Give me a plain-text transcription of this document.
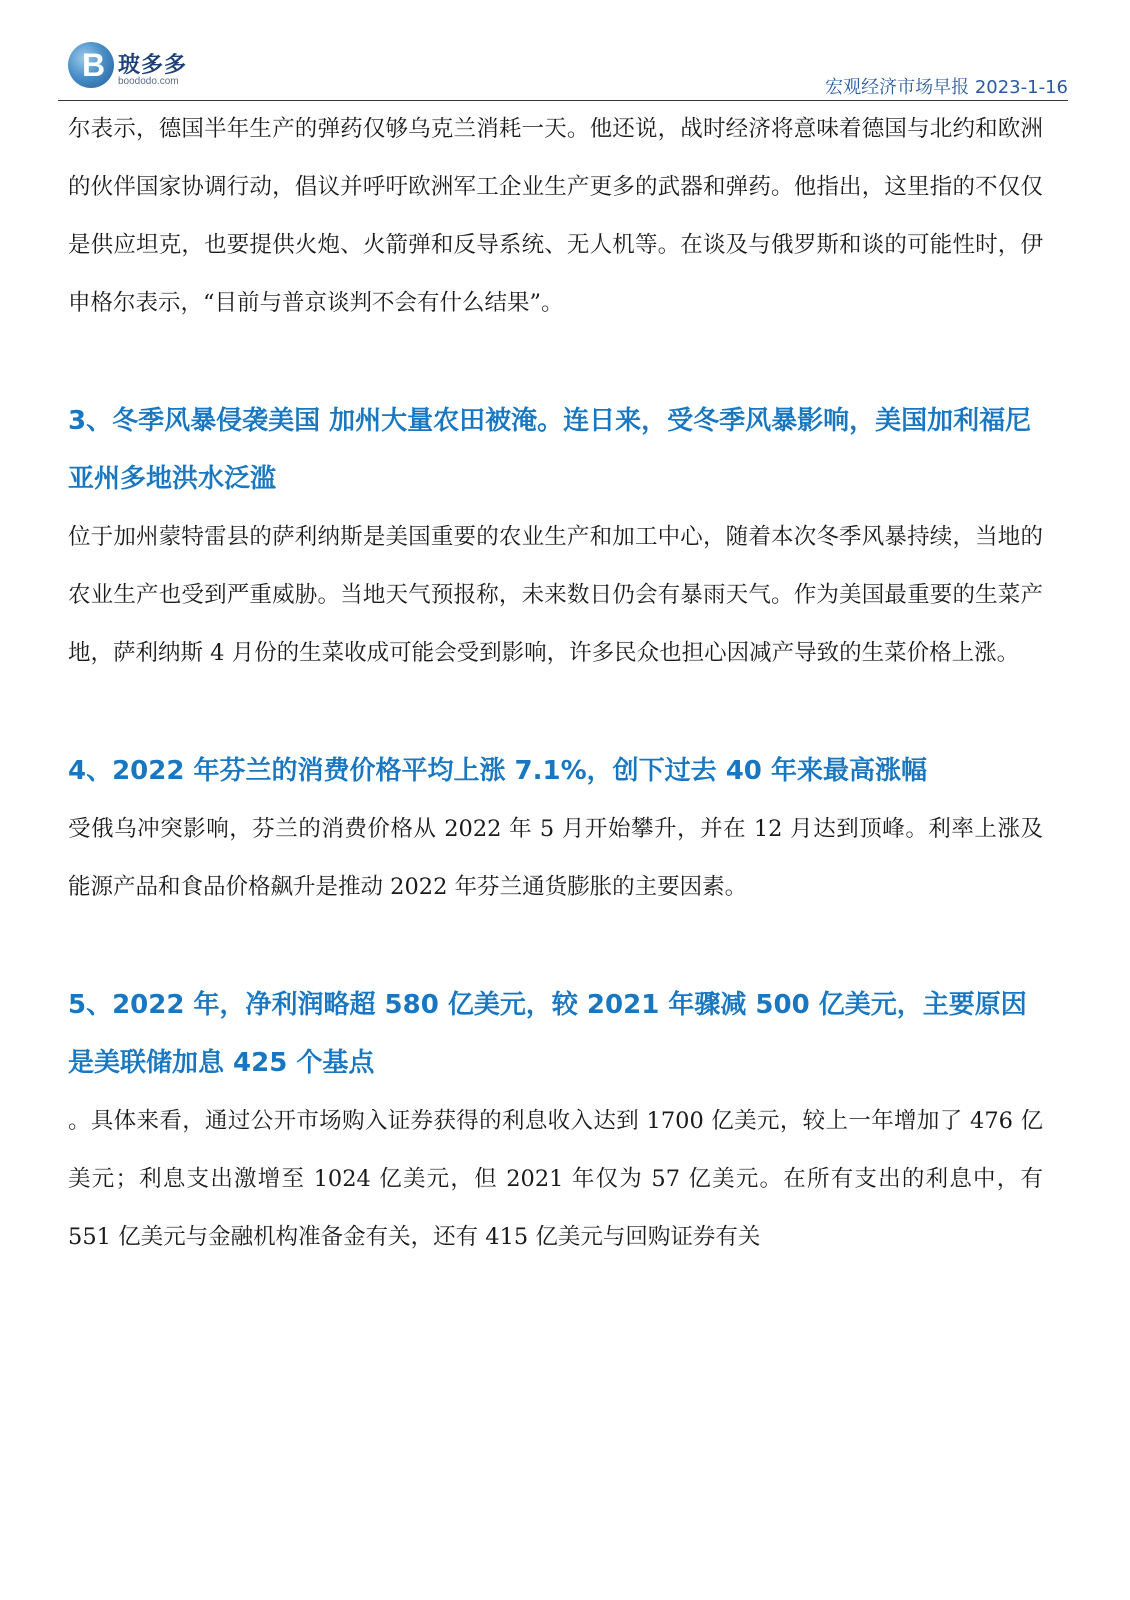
B 玻多多
boododo.com	宏观经济市场早报 2023-1-16

尔表示，德国半年生产的弹药仅够乌克兰消耗一天。他还说，战时经济将意味着德国与北约和欧洲的伙伴国家协调行动，倡议并呼吁欧洲军工企业生产更多的武器和弹药。他指出，这里指的不仅仅是供应坦克，也要提供火炮、火箭弹和反导系统、无人机等。在谈及与俄罗斯和谈的可能性时，伊申格尔表示，“目前与普京谈判不会有什么结果”。

3、冬季风暴侵袭美国 加州大量农田被淹。连日来，受冬季风暴影响，美国加利福尼亚州多地洪水泛滥

位于加州蒙特雷县的萨利纳斯是美国重要的农业生产和加工中心，随着本次冬季风暴持续，当地的农业生产也受到严重威胁。当地天气预报称，未来数日仍会有暴雨天气。作为美国最重要的生菜产地，萨利纳斯 4 月份的生菜收成可能会受到影响，许多民众也担心因减产导致的生菜价格上涨。

4、2022 年芬兰的消费价格平均上涨 7.1%，创下过去 40 年来最高涨幅

受俄乌冲突影响，芬兰的消费价格从 2022 年 5 月开始攀升，并在 12 月达到顶峰。利率上涨及能源产品和食品价格飙升是推动 2022 年芬兰通货膨胀的主要因素。

5、2022 年，净利润略超 580 亿美元，较 2021 年骤减 500 亿美元，主要原因是美联储加息 425 个基点

。具体来看，通过公开市场购入证券获得的利息收入达到 1700 亿美元，较上一年增加了 476 亿美元；利息支出激增至 1024 亿美元，但 2021 年仅为 57 亿美元。在所有支出的利息中，有 551 亿美元与金融机构准备金有关，还有 415 亿美元与回购证券有关
